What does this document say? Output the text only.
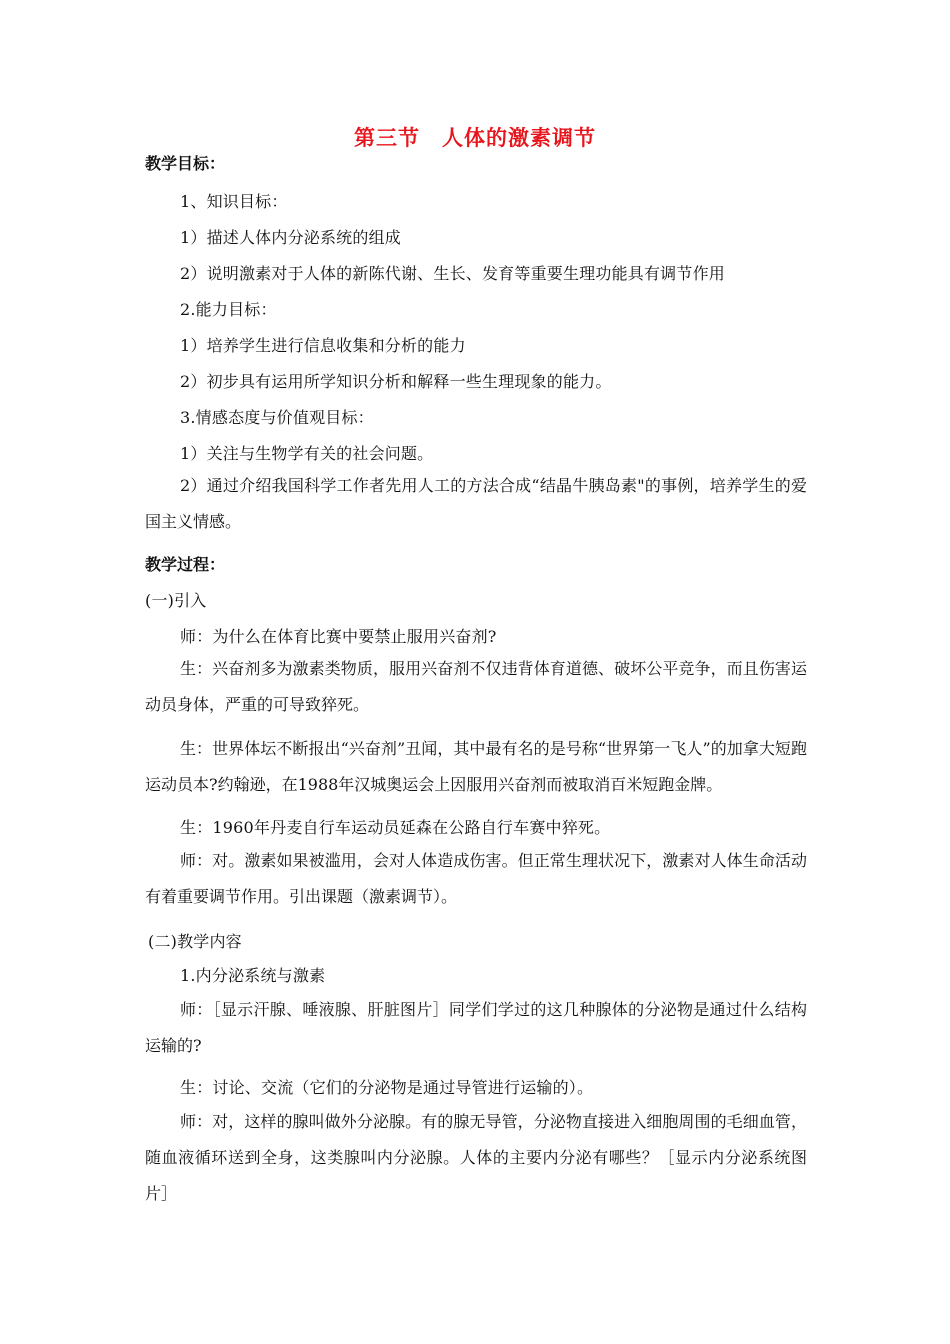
第三节　人体的激素调节
教学目标：
1、知识目标：
1）描述人体内分泌系统的组成
2）说明激素对于人体的新陈代谢、生长、发育等重要生理功能具有调节作用
2.能力目标：
1）培养学生进行信息收集和分析的能力
2）初步具有运用所学知识分析和解释一些生理现象的能力。
3.情感态度与价值观目标：
1）关注与生物学有关的社会问题。
2）通过介绍我国科学工作者先用人工的方法合成“结晶牛胰岛素"的事例，培养学生的爱国主义情感。
教学过程：
(一)引入
师：为什么在体育比赛中要禁止服用兴奋剂?
生：兴奋剂多为激素类物质，服用兴奋剂不仅违背体育道德、破坏公平竞争，而且伤害运动员身体，严重的可导致猝死。
生：世界体坛不断报出“兴奋剂”丑闻，其中最有名的是号称“世界第一飞人”的加拿大短跑运动员本?约翰逊，在1988年汉城奥运会上因服用兴奋剂而被取消百米短跑金牌。
生：1960年丹麦自行车运动员延森在公路自行车赛中猝死。
师：对。激素如果被滥用，会对人体造成伤害。但正常生理状况下，激素对人体生命活动有着重要调节作用。引出课题（激素调节）。
(二)教学内容
1.内分泌系统与激素
师：［显示汗腺、唾液腺、肝脏图片］同学们学过的这几种腺体的分泌物是通过什么结构运输的?
生：讨论、交流（它们的分泌物是通过导管进行运输的）。
师：对，这样的腺叫做外分泌腺。有的腺无导管，分泌物直接进入细胞周围的毛细血管，随血液循环送到全身，这类腺叫内分泌腺。人体的主要内分泌有哪些？［显示内分泌系统图片］
